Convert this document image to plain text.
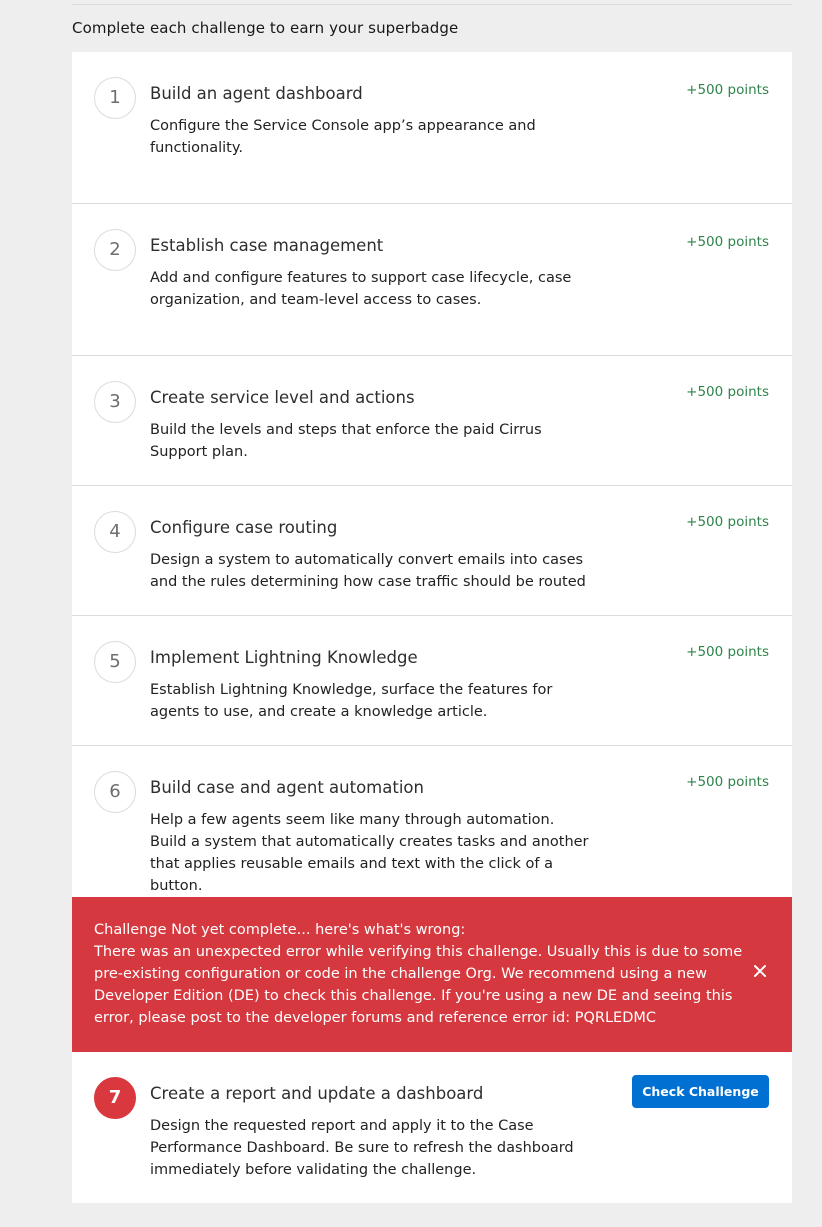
Complete each challenge to earn your superbadge
1	Build an agent dashboard
Configure the Service Console app’s appearance and functionality.
+500 points
2	Establish case management
Add and configure features to support case lifecycle, case organization, and team-level access to cases.
+500 points
3	Create service level and actions
Build the levels and steps that enforce the paid Cirrus Support plan.
+500 points
4	Configure case routing
Design a system to automatically convert emails into cases and the rules determining how case traffic should be routed
+500 points
5	Implement Lightning Knowledge
Establish Lightning Knowledge, surface the features for agents to use, and create a knowledge article.
+500 points
6	Build case and agent automation
Help a few agents seem like many through automation. Build a system that automatically creates tasks and another that applies reusable emails and text with the click of a button.
+500 points
Challenge Not yet complete... here's what's wrong:
There was an unexpected error while verifying this challenge. Usually this is due to some pre-existing configuration or code in the challenge Org. We recommend using a new Developer Edition (DE) to check this challenge. If you're using a new DE and seeing this error, please post to the developer forums and reference error id: PQRLEDMC
7	Create a report and update a dashboard
Design the requested report and apply it to the Case Performance Dashboard. Be sure to refresh the dashboard immediately before validating the challenge.
Check Challenge
